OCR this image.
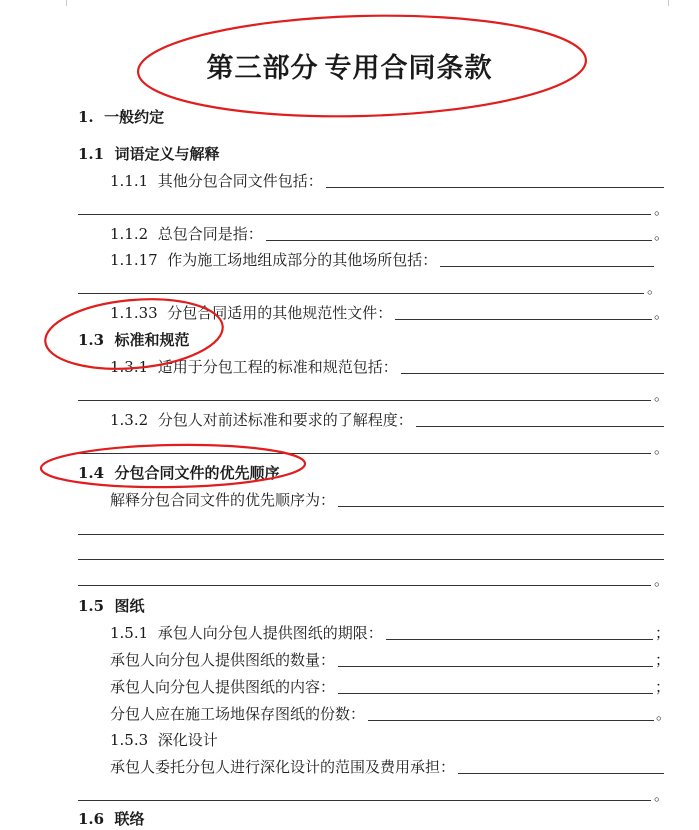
第三部分 专用合同条款
1.  一般约定
1.1  词语定义与解释
1.1.1  其他分包合同文件包括：
。
1.1.2  总包合同是指：	。
1.1.17  作为施工场地组成部分的其他场所包括：
。
1.1.33  分包合同适用的其他规范性文件：	。
1.3  标准和规范
1.3.1  适用于分包工程的标准和规范包括：
。
1.3.2  分包人对前述标准和要求的了解程度：
。
1.4  分包合同文件的优先顺序
解释分包合同文件的优先顺序为：
。
1.5  图纸
1.5.1  承包人向分包人提供图纸的期限：	；
承包人向分包人提供图纸的数量：	；
承包人向分包人提供图纸的内容：	；
分包人应在施工场地保存图纸的份数：	。
1.5.3  深化设计
承包人委托分包人进行深化设计的范围及费用承担：
。
1.6  联络
